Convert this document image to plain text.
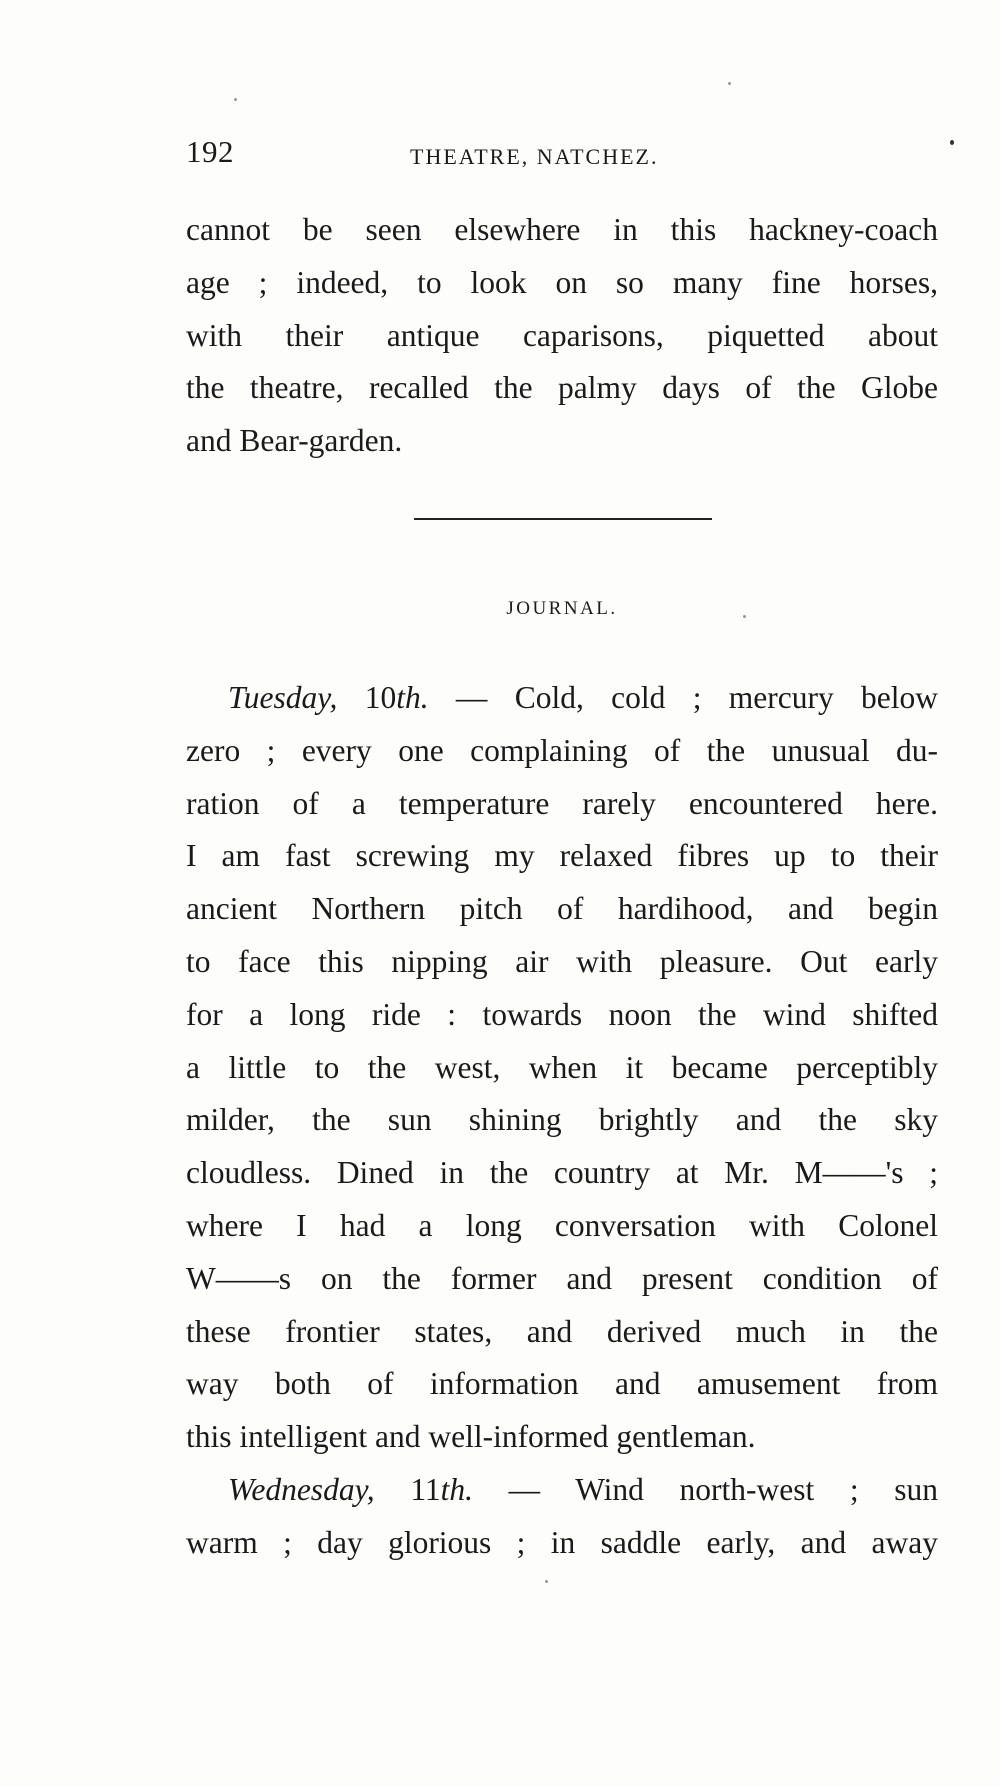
192	THEATRE, NATCHEZ.
cannot be seen elsewhere in this hackney-coach
age ; indeed, to look on so many fine horses,
with their antique caparisons, piquetted about
the theatre, recalled the palmy days of the Globe
and Bear-garden.
JOURNAL.
Tuesday, 10th. — Cold, cold ; mercury below
zero ; every one complaining of the unusual du-
ration of a temperature rarely encountered here.
I am fast screwing my relaxed fibres up to their
ancient Northern pitch of hardihood, and begin
to face this nipping air with pleasure. Out early
for a long ride : towards noon the wind shifted
a little to the west, when it became perceptibly
milder, the sun shining brightly and the sky
cloudless. Dined in the country at Mr. M——'s ;
where I had a long conversation with Colonel
W——s on the former and present condition of
these frontier states, and derived much in the
way both of information and amusement from
this intelligent and well-informed gentleman.
Wednesday, 11th. — Wind north-west ; sun
warm ; day glorious ; in saddle early, and away
